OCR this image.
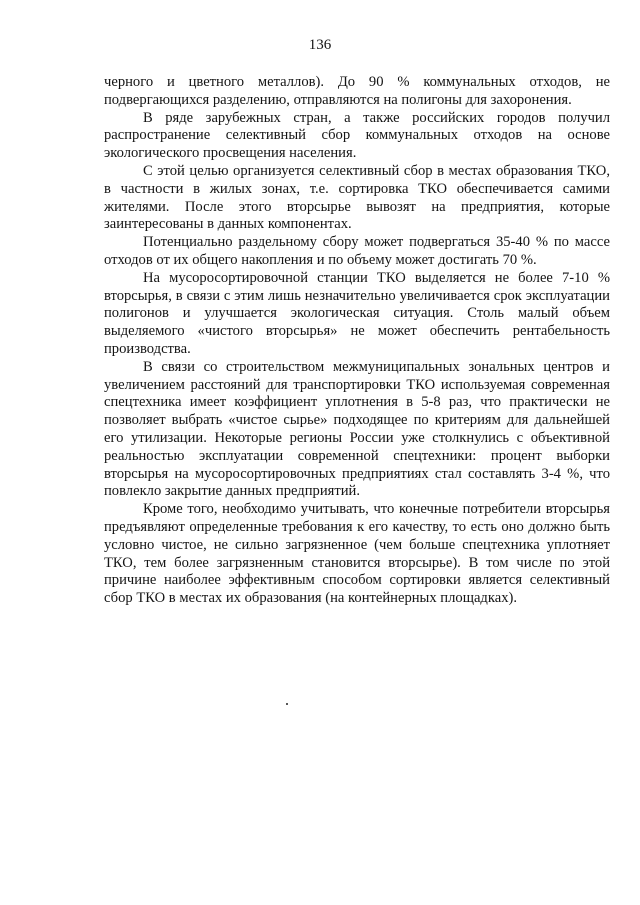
136

черного и цветного металлов). До 90 % коммунальных отходов, не подвергающихся разделению, отправляются на полигоны для захоронения.

В ряде зарубежных стран, а также российских городов получил распространение селективный сбор коммунальных отходов на основе экологического просвещения населения.

С этой целью организуется селективный сбор в местах образования ТКО, в частности в жилых зонах, т.е. сортировка ТКО обеспечивается самими жителями. После этого вторсырье вывозят на предприятия, которые заинтересованы в данных компонентах.

Потенциально раздельному сбору может подвергаться 35-40 % по массе отходов от их общего накопления и по объему может достигать 70 %.

На мусоросортировочной станции ТКО выделяется не более 7-10 % вторсырья, в связи с этим лишь незначительно увеличивается срок эксплуатации полигонов и улучшается экологическая ситуация. Столь малый объем выделяемого «чистого вторсырья» не может обеспечить рентабельность производства.

В связи со строительством межмуниципальных зональных центров и увеличением расстояний для транспортировки ТКО используемая современная спецтехника имеет коэффициент уплотнения в 5-8 раз, что практически не позволяет выбрать «чистое сырье» подходящее по критериям для дальнейшей его утилизации. Некоторые регионы России уже столкнулись с объективной реальностью эксплуатации современной спецтехники: процент выборки вторсырья на мусоросортировочных предприятиях стал составлять 3-4 %, что повлекло закрытие данных предприятий.

Кроме того, необходимо учитывать, что конечные потребители вторсырья предъявляют определенные требования к его качеству, то есть оно должно быть условно чистое, не сильно загрязненное (чем больше спецтехника уплотняет ТКО, тем более загрязненным становится вторсырье). В том числе по этой причине наиболее эффективным способом сортировки является селективный сбор ТКО в местах их образования (на контейнерных площадках).
